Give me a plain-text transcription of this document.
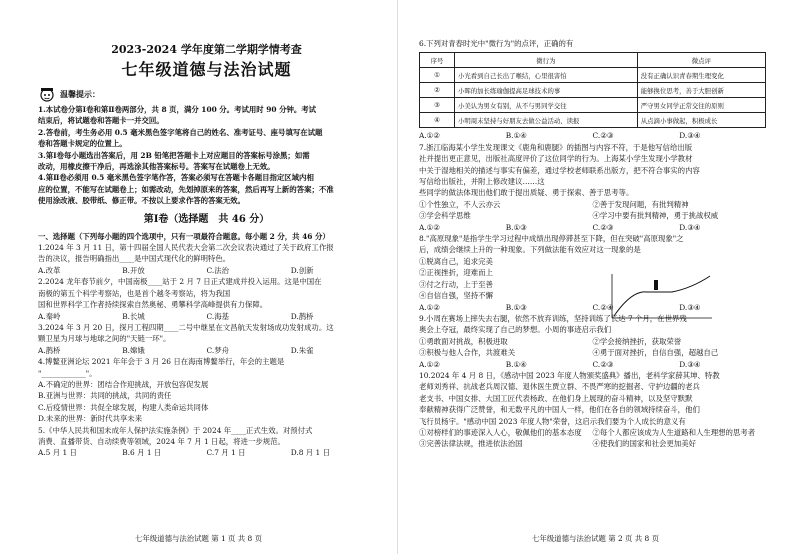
2023-2024 学年度第二学期学情考查
七年级道德与法治试题
温馨提示：
1.本试卷分第Ⅰ卷和第Ⅱ卷两部分，共 8 页，满分 100 分。考试用时 90 分钟。考试
结束后，将试题卷和答题卡一并交回。
2.答卷前，考生务必用 0.5 毫米黑色签字笔将自己的姓名、准考证号、座号填写在试题
卷和答题卡规定的位置上。
3.第Ⅰ卷每小题选出答案后，用 2B 铅笔把答题卡上对应题目的答案标号涂黑；如需
改动，用橡皮擦干净后，再选涂其他答案标号。答案写在试题卷上无效。
4.第Ⅱ卷必须用 0.5 毫米黑色签字笔作答，答案必须写在答题卡各题目指定区域内相
应的位置，不能写在试题卷上；如需改动，先划掉原来的答案，然后再写上新的答案；不准
使用涂改液、胶带纸、修正带。不按以上要求作答的答案无效。
第Ⅰ卷（选择题　共 46 分）
一、选择题（下列每小题的四个选项中，只有一项最符合题意。每小题 2 分，共 46 分）
1.2024 年 3 月 11 日，第十四届全国人民代表大会第二次会议表决通过了关于政府工作报
告的决议，报告明确指出____是中国式现代化的鲜明特色。
A.改革	B.开放	C.法治	D.创新
2.2024 龙年春节前夕，中国南极____站于 2 月 7 日正式建成并投入运用。这是中国在
南极的第五个科学考察站，也是首个越冬考察站，将为我国
国和世界科学工作者持续探索自然奥秘、勇攀科学高峰提供有力保障。
A.秦岭	B.长城	C.海基	D.鹊桥
3.2024 年 3 月 20 日，探月工程四期____二号中继星在文昌航天发射场成功发射成功。这
颗卫星为月球与地球之间的"天链一环"。
A.鹊桥	B.嫦娥	C.梦舟	D.朱雀
4.博鳌亚洲论坛 2021 年年会于 3 月 26 日在海南博鳌举行，年会的主题是
"____________"。
A.不确定的世界：团结合作迎挑战，开放包容促发展
B.亚洲与世界：共同的挑战，共同的责任
C.后疫情世界：共促全球发展，构建人类命运共同体
D.未来的世界：新时代共享未来
5.《中华人民共和国未成年人保护法实施条例》于 2024 年____正式生效。对预付式
消费、直播带货、自动续费等领域，2024 年 7 月 1 日起，将进一步规范。
A.5 月 1 日	B.6 月 1 日	C.7 月 1 日	D.8 月 1 日
七年级道德与法治试题 第 1 页 共 8 页
6.下列对青春时光中"微行为"的点评，正确的有
序号	微行为	微点评
①	小光看到自己长出了喉结，心里很害怕	没有正确认识青春期生理变化
②	小晖的加长练瑜伽提高足球技术的事	能够换位思考，善于大胆创新
③	小美认为男女有别，从不与男同学交往	严守男女同学正常交往的原则
④	小明周末坚持与好朋友去做公益活动、读报	从点滴小事做起，积极成长
A.①②	B.①④	C.②③	D.③④
7.浙江临海某小学生发现课文《鹿角和鹿腿》的插图与内容不符，于是他写信给出版
社并提出更正意见，出版社高度评价了这位同学的行为。上海某小学生发现小学教材
中关于湿地相关的描述与事实有偏差，通过学校老师联系出版方，把不符合事实的内容
写信给出版社，并附上修改建议……这
些同学的做法体现出他们敢于提出质疑、勇于探索、善于思考等。
①个性独立，不人云亦云	②善于发现问题，有批判精神
③学会科学思维	④学习中要有批判精神，勇于挑战权威
A.①②	B.①③	C.②③	D.③④
8."高原现象"是指学生学习过程中成绩出现停滞甚至下降，但在突破"高原现象"之
后，成绩会继续上升的一种现象。下列做法能有效应对这一现象的是
①脱离自己，追求完美
②正视挫折，迎难而上
③付之行动，上于至善
④自信自强，坚持不懈
A.①②	B.①③	C.②④	D.③④
9.小周在赛场上摔失去右腿，依然不放弃训练，坚持训练了长达 7 个月，在世界残
奥会上夺冠，最终实现了自己的梦想。小周的事迹启示我们
①勇敢面对挑战，积极进取	②学会接纳挫折，获取荣誉
③积极与他人合作，共渡难关	④勇于面对挫折，自信自强，超越自己
A.①②	B.①④	C.②③	D.③④
10.2024 年 4 月 8 日，《感动中国 2023 年度人物颁奖盛典》播出，老科学家薛其坤、特教
老师刘秀祥、抗战老兵周汉德、退休医生贾立群、不畏严寒的挖掘者、守护边疆的老兵
老支书、中国女排、大国工匠代表杨政、在他们身上展现的奋斗精神，以及坚守默默
奉献精神获得广泛赞誉，和无数平凡的中国人一样，他们在各自的领域持续奋斗，他们
飞行员杨宇。"感动中国 2023 年度人物"荣誉，这启示我们要为个人成长的意义有
①对榜样们的事迹深入人心，敬佩他们的基本态度	②每个人都应该成为人生道路和人生理想的思考者
③完善法律法规，推进依法治国	④使我们的国家和社会更加美好
七年级道德与法治试题 第 2 页 共 8 页
